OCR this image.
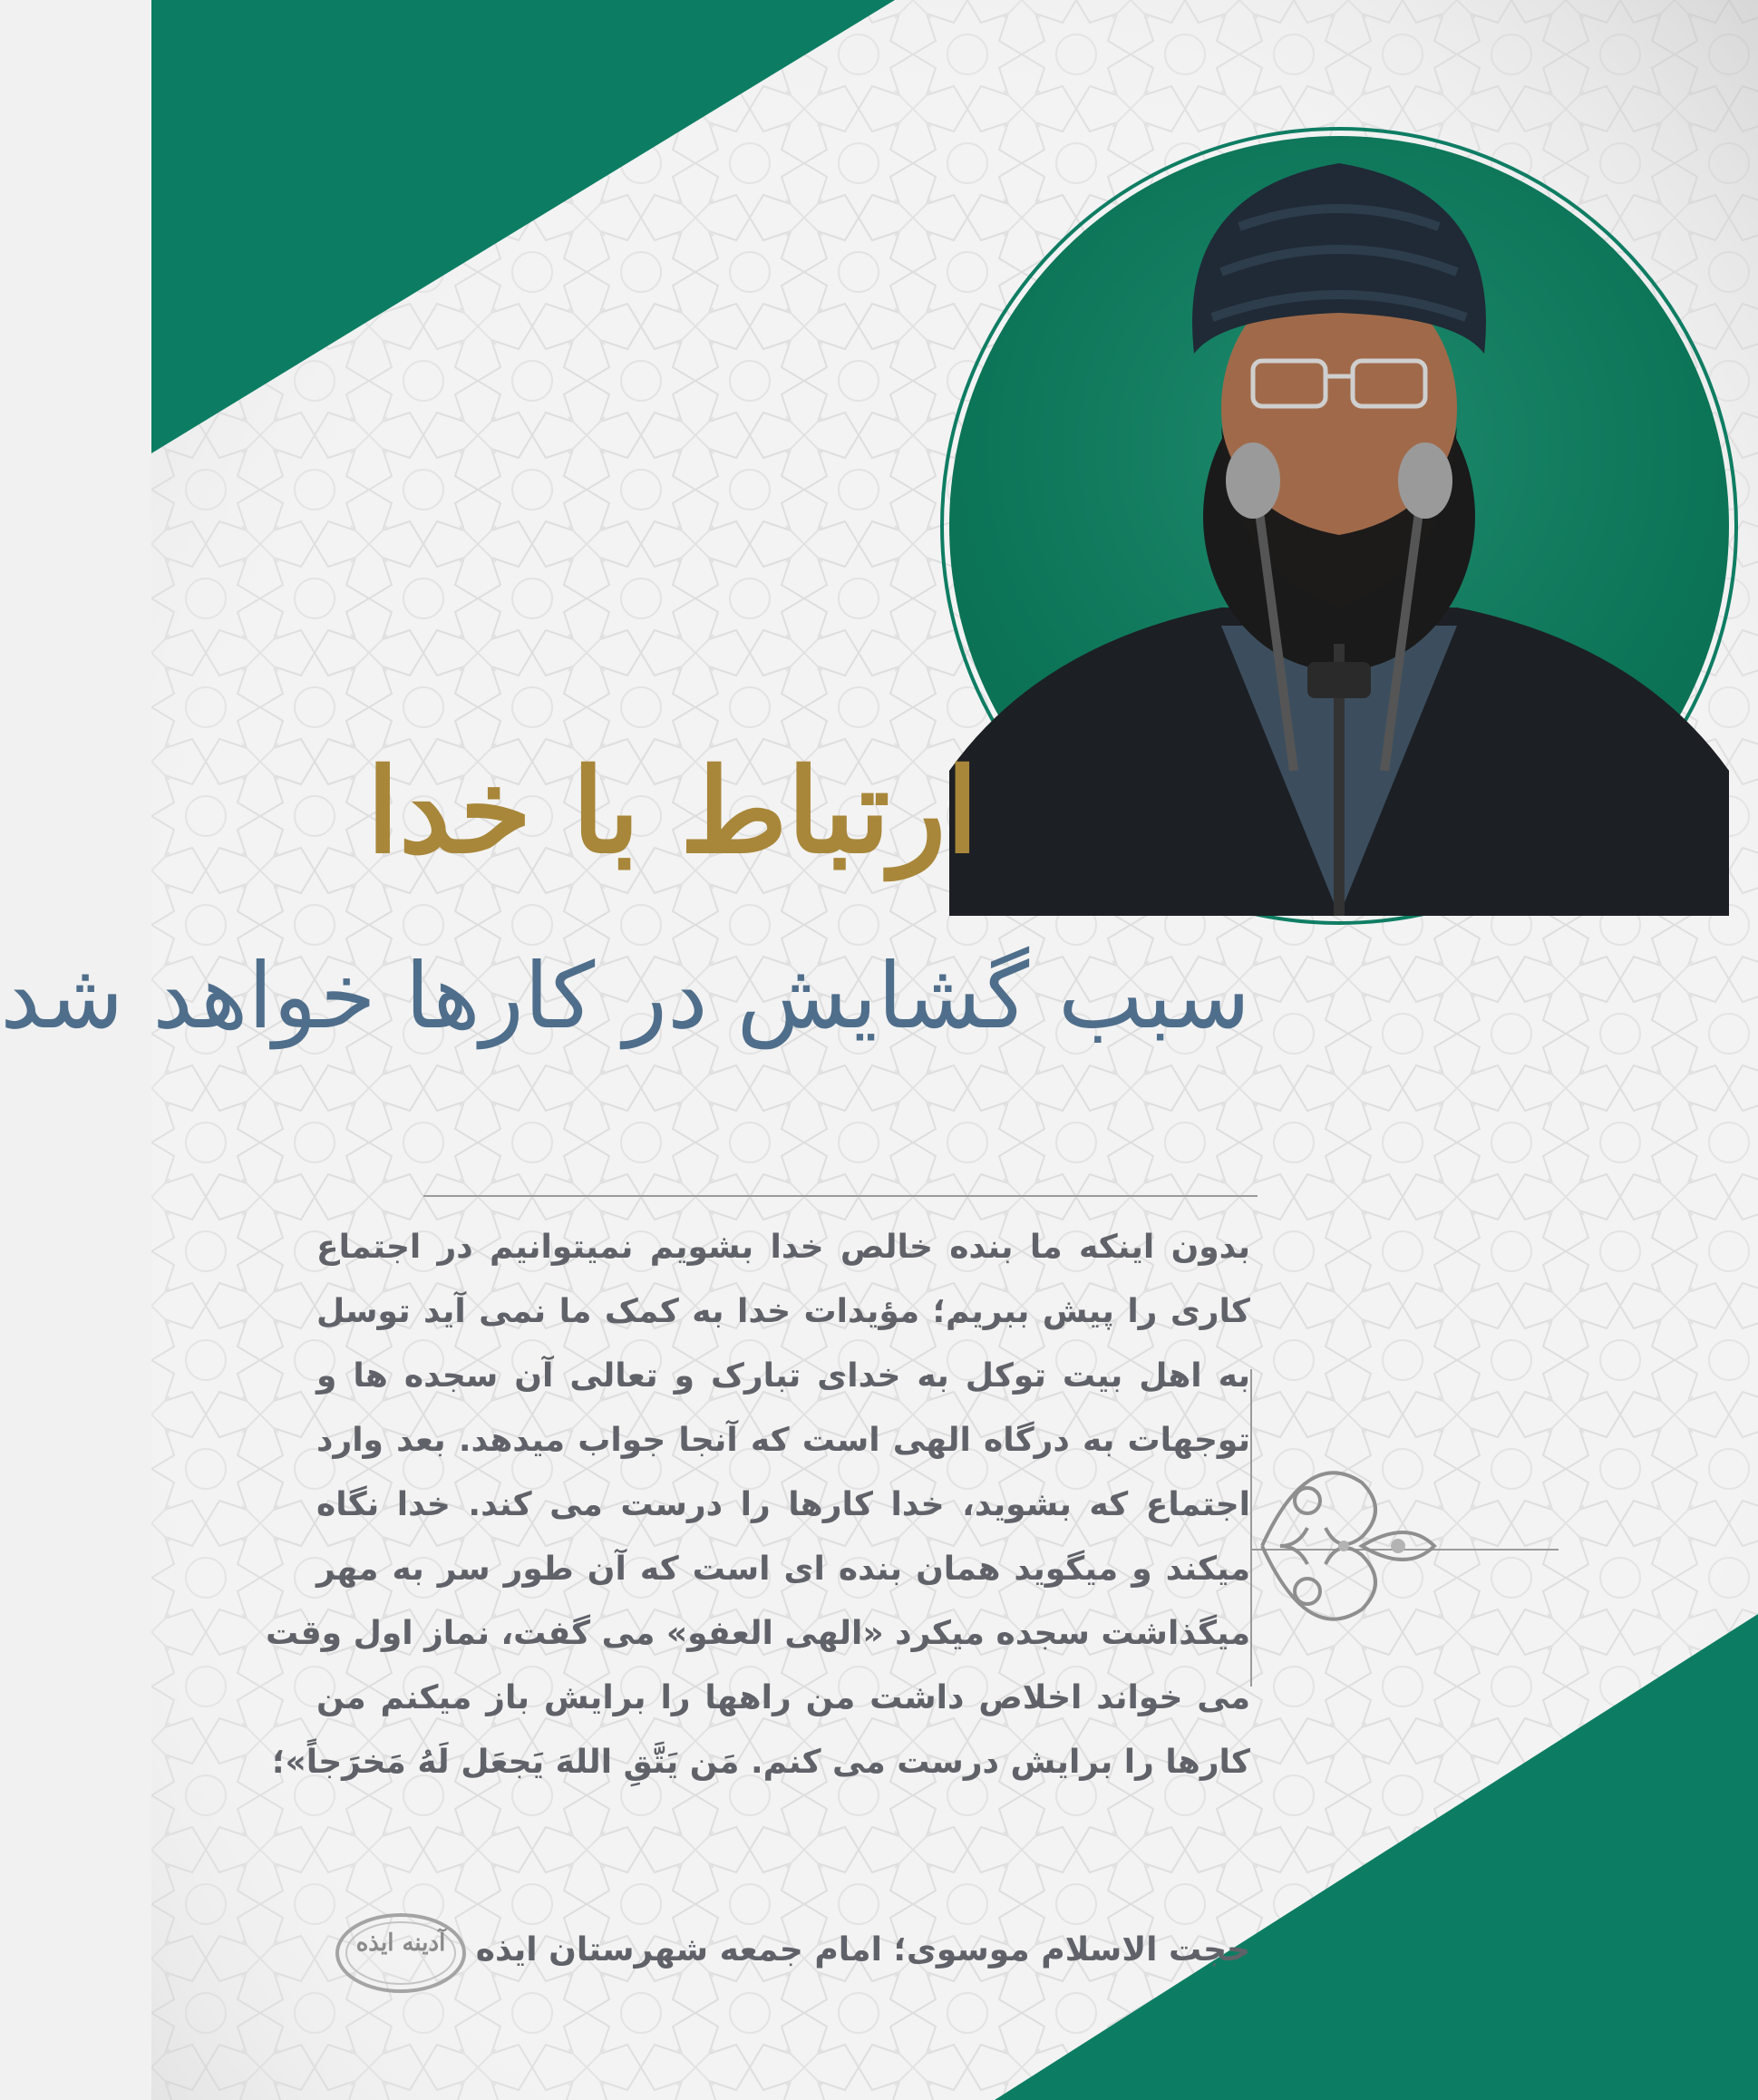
ارتباط با خدا
سبب گشایش در کارها خواهد شد
بدون اینکه ما بنده خالص خدا بشویم نمیتوانیم در اجتماع
کاری را پیش ببریم؛ مؤیدات خدا به کمک ما نمی آید توسل
به اهل بیت توکل به خدای تبارک و تعالی آن سجده ها و
توجهات به درگاه الهی است که آنجا جواب میدهد. بعد وارد
اجتماع که بشوید، خدا کارها را درست می کند. خدا نگاه
میکند و میگوید همان بنده ای است که آن طور سر به مهر
میگذاشت سجده میکرد «الهی العفو» می گفت، نماز اول وقت
می خواند اخلاص داشت من راهها را برایش باز میکنم من
کارها را برایش درست می کنم. مَن یَتَّقِ اللهَ یَجعَل لَهُ مَخرَجاً»؛
حجت الاسلام موسوی؛ امام جمعه شهرستان ایذه
آدینه ایذه
